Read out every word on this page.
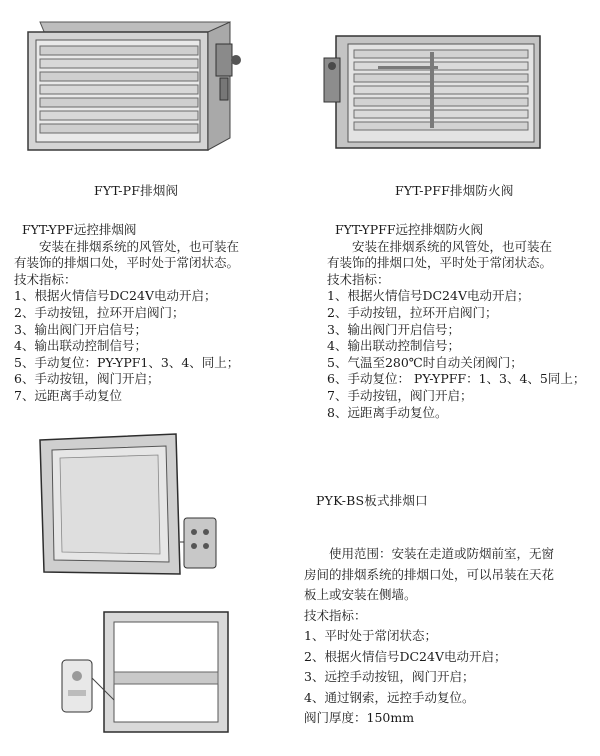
FYT-PF排烟阀	FYT-PFF排烟防火阀
FYT-YPF远控排烟阀
安装在排烟系统的风管处，也可装在
有装饰的排烟口处，平时处于常闭状态。
技术指标：
1、根据火情信号DC24V电动开启；
2、手动按钮，拉环开启阀门；
3、输出阀门开启信号；
4、输出联动控制信号；
5、手动复位：PY-YPF1、3、4、同上；
6、手动按钮，阀门开启；
7、远距离手动复位
FYT-YPFF远控排烟防火阀
安装在排烟系统的风管处，也可装在
有装饰的排烟口处，平时处于常闭状态。
技术指标：
1、根据火情信号DC24V电动开启；
2、手动按钮，拉环开启阀门；
3、输出阀门开启信号；
4、输出联动控制信号；
5、气温至280℃时自动关闭阀门；
6、手动复位： PY-YPFF：1、3、4、5同上；
7、手动按钮，阀门开启；
8、远距离手动复位。
PYK-BS板式排烟口
使用范围：安装在走道或防烟前室，无窗
房间的排烟系统的排烟口处，可以吊装在天花
板上或安装在侧墙。
技术指标：
1、平时处于常闭状态；
2、根据火情信号DC24V电动开启；
3、远控手动按钮，阀门开启；
4、通过钢索，远控手动复位。
阀门厚度：150mm
